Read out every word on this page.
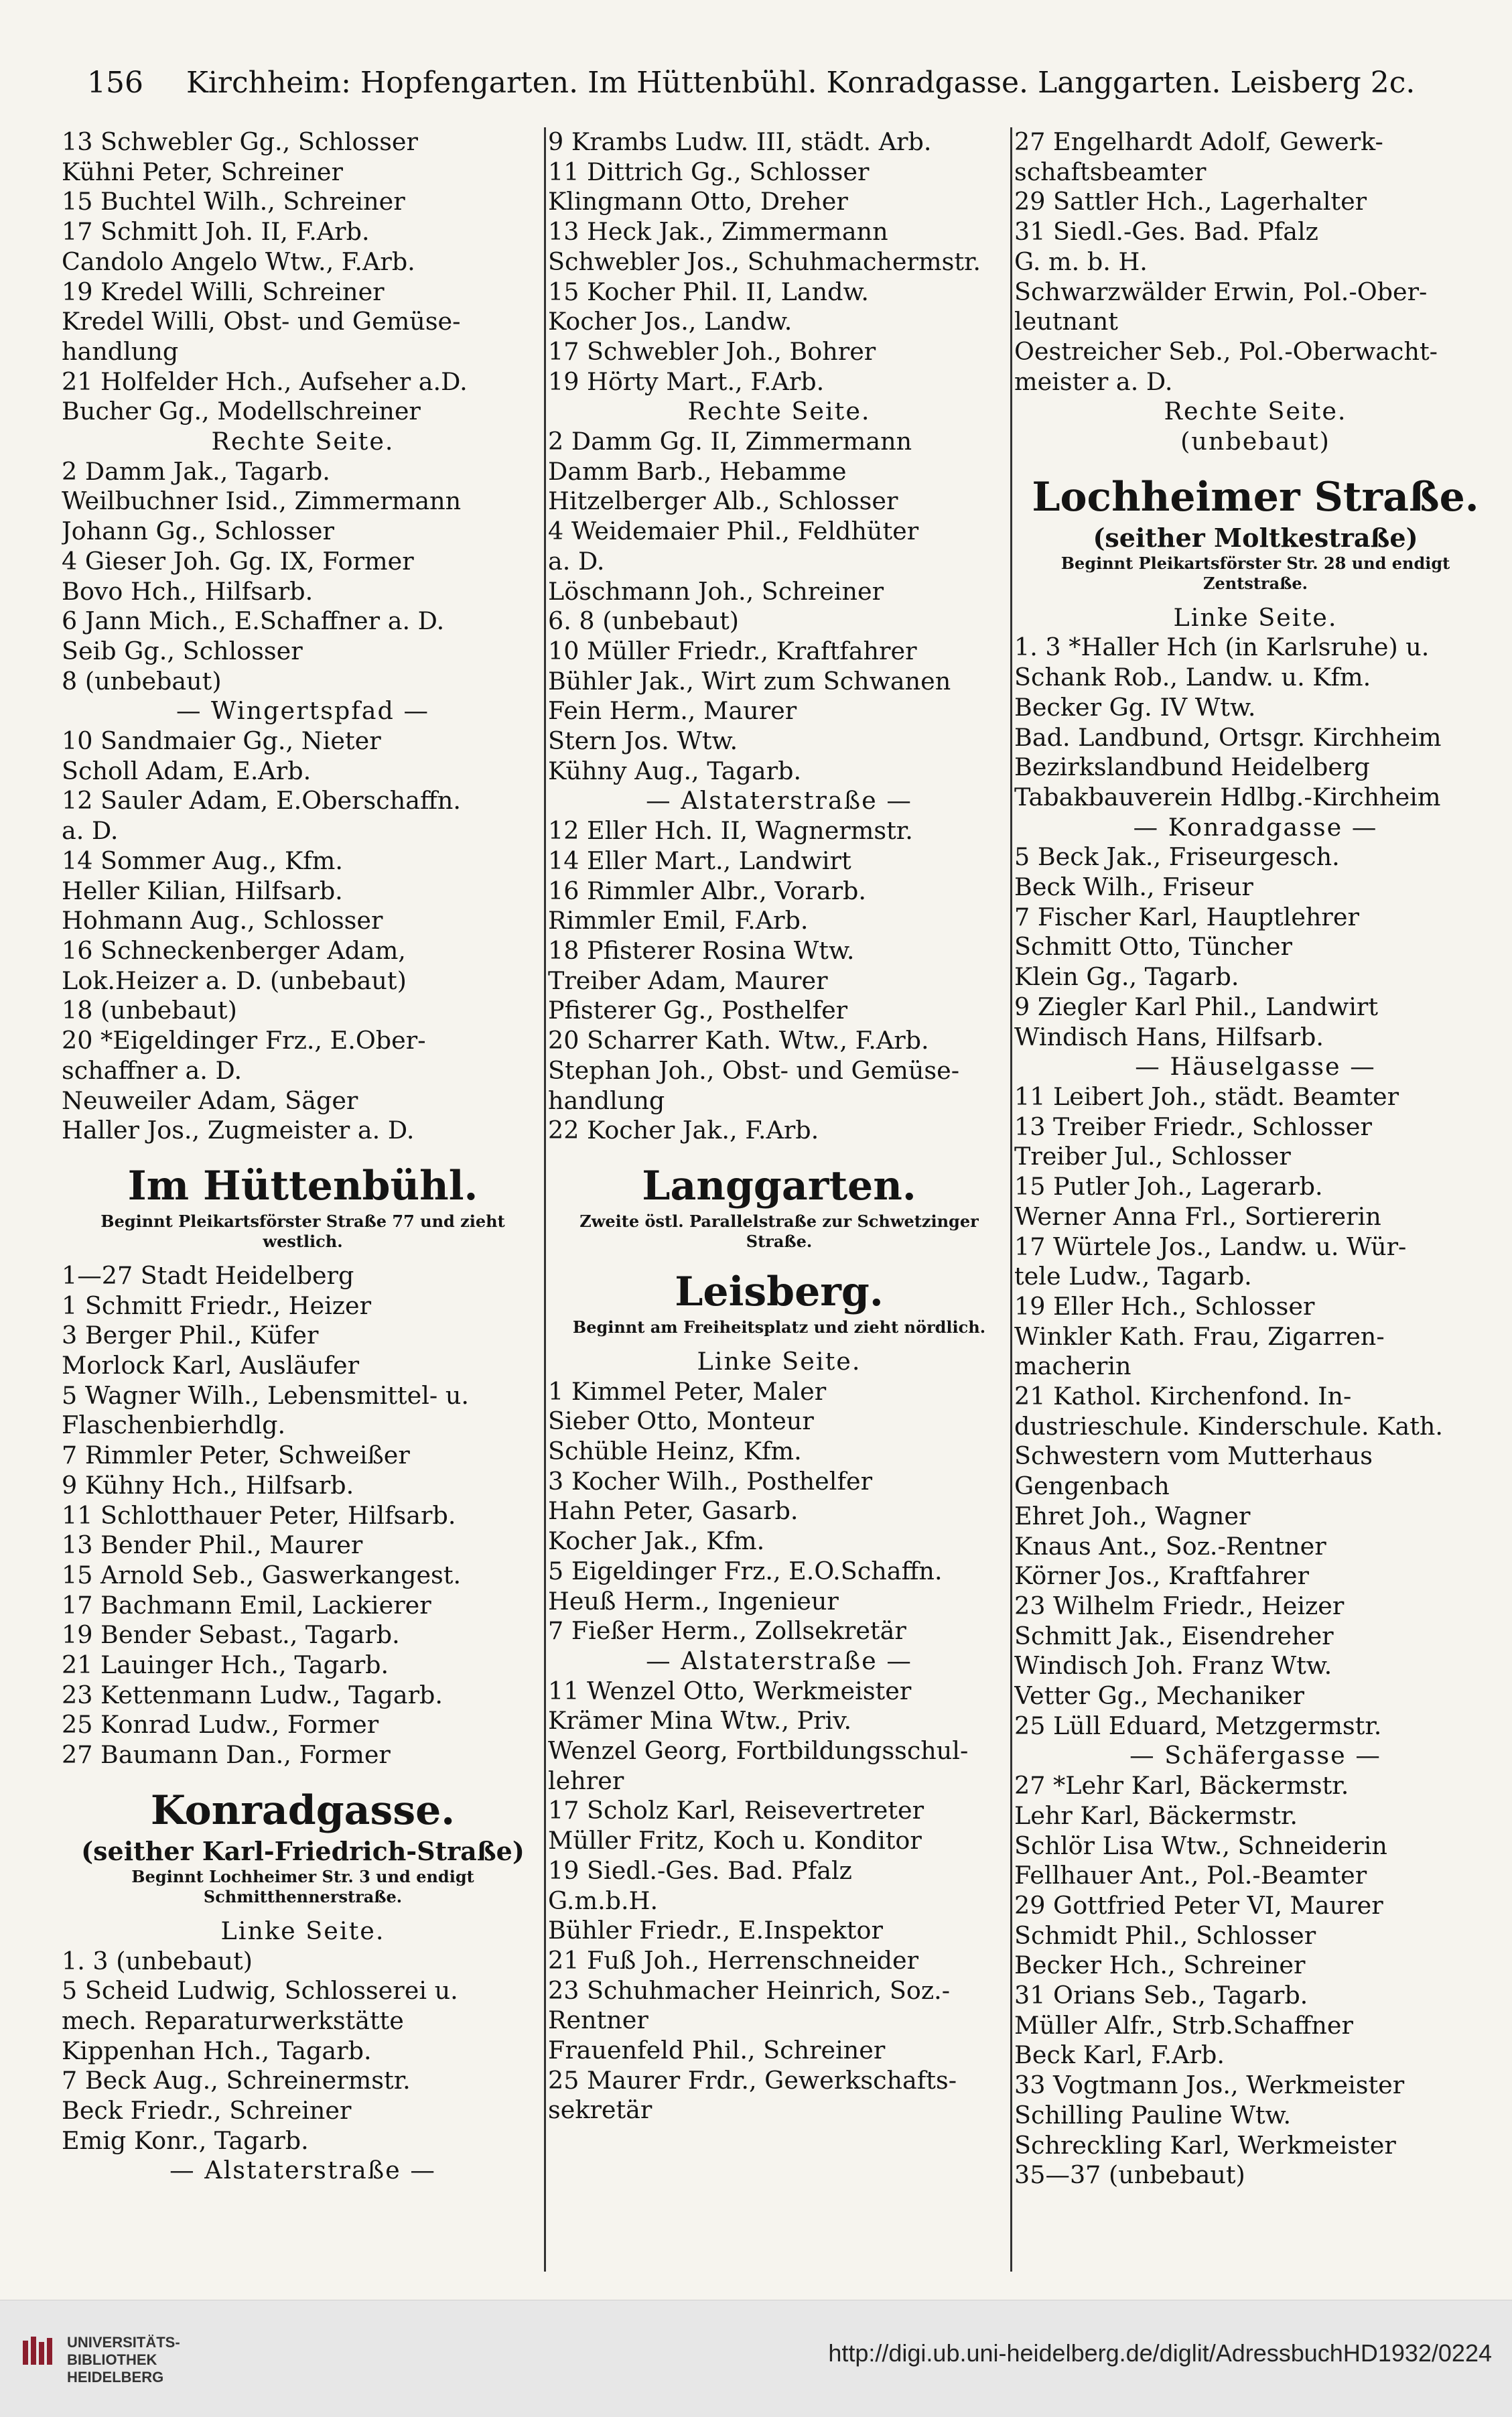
156 Kirchheim: Hopfengarten. Im Hüttenbühl. Konradgasse. Langgarten. Leisberg 2c.
13 Schwebler Gg., Schlosser
Kühni Peter, Schreiner
15 Buchtel Wilh., Schreiner
17 Schmitt Joh. II, F.Arb.
Candolo Angelo Wtw., F.Arb.
19 Kredel Willi, Schreiner
Kredel Willi, Obst- und Gemüse-
handlung
21 Holfelder Hch., Aufseher a.D.
Bucher Gg., Modellschreiner
Rechte Seite.
2 Damm Jak., Tagarb.
Weilbuchner Isid., Zimmermann
Johann Gg., Schlosser
4 Gieser Joh. Gg. IX, Former
Bovo Hch., Hilfsarb.
6 Jann Mich., E.Schaffner a. D.
Seib Gg., Schlosser
8 (unbebaut)
— Wingertspfad —
10 Sandmaier Gg., Nieter
Scholl Adam, E.Arb.
12 Sauler Adam, E.Oberschaffn.
a. D.
14 Sommer Aug., Kfm.
Heller Kilian, Hilfsarb.
Hohmann Aug., Schlosser
16 Schneckenberger Adam,
Lok.Heizer a. D. (unbebaut)
18 (unbebaut)
20 *Eigeldinger Frz., E.Ober-
schaffner a. D.
Neuweiler Adam, Säger
Haller Jos., Zugmeister a. D.
Im Hüttenbühl.
Beginnt Pleikartsförster Straße 77 und zieht westlich.
1—27 Stadt Heidelberg
1 Schmitt Friedr., Heizer
3 Berger Phil., Küfer
Morlock Karl, Ausläufer
5 Wagner Wilh., Lebensmittel- u.
Flaschenbierhdlg.
7 Rimmler Peter, Schweißer
9 Kühny Hch., Hilfsarb.
11 Schlotthauer Peter, Hilfsarb.
13 Bender Phil., Maurer
15 Arnold Seb., Gaswerkangest.
17 Bachmann Emil, Lackierer
19 Bender Sebast., Tagarb.
21 Lauinger Hch., Tagarb.
23 Kettenmann Ludw., Tagarb.
25 Konrad Ludw., Former
27 Baumann Dan., Former
Konradgasse.
(seither Karl-Friedrich-Straße)
Beginnt Lochheimer Str. 3 und endigt Schmitthennerstraße.
Linke Seite.
1. 3 (unbebaut)
5 Scheid Ludwig, Schlosserei u.
mech. Reparaturwerkstätte
Kippenhan Hch., Tagarb.
7 Beck Aug., Schreinermstr.
Beck Friedr., Schreiner
Emig Konr., Tagarb.
— Alstaterstraße —
9 Krambs Ludw. III, städt. Arb.
11 Dittrich Gg., Schlosser
Klingmann Otto, Dreher
13 Heck Jak., Zimmermann
Schwebler Jos., Schuhmachermstr.
15 Kocher Phil. II, Landw.
Kocher Jos., Landw.
17 Schwebler Joh., Bohrer
19 Hörty Mart., F.Arb.
Rechte Seite.
2 Damm Gg. II, Zimmermann
Damm Barb., Hebamme
Hitzelberger Alb., Schlosser
4 Weidemaier Phil., Feldhüter
a. D.
Löschmann Joh., Schreiner
6. 8 (unbebaut)
10 Müller Friedr., Kraftfahrer
Bühler Jak., Wirt zum Schwanen
Fein Herm., Maurer
Stern Jos. Wtw.
Kühny Aug., Tagarb.
— Alstaterstraße —
12 Eller Hch. II, Wagnermstr.
14 Eller Mart., Landwirt
16 Rimmler Albr., Vorarb.
Rimmler Emil, F.Arb.
18 Pfisterer Rosina Wtw.
Treiber Adam, Maurer
Pfisterer Gg., Posthelfer
20 Scharrer Kath. Wtw., F.Arb.
Stephan Joh., Obst- und Gemüse-
handlung
22 Kocher Jak., F.Arb.
Langgarten.
Zweite östl. Parallelstraße zur Schwetzinger Straße.
Leisberg.
Beginnt am Freiheitsplatz und zieht nördlich.
Linke Seite.
1 Kimmel Peter, Maler
Sieber Otto, Monteur
Schüble Heinz, Kfm.
3 Kocher Wilh., Posthelfer
Hahn Peter, Gasarb.
Kocher Jak., Kfm.
5 Eigeldinger Frz., E.O.Schaffn.
Heuß Herm., Ingenieur
7 Fießer Herm., Zollsekretär
— Alstaterstraße —
11 Wenzel Otto, Werkmeister
Krämer Mina Wtw., Priv.
Wenzel Georg, Fortbildungsschul-
lehrer
17 Scholz Karl, Reisevertreter
Müller Fritz, Koch u. Konditor
19 Siedl.-Ges. Bad. Pfalz
G.m.b.H.
Bühler Friedr., E.Inspektor
21 Fuß Joh., Herrenschneider
23 Schuhmacher Heinrich, Soz.-
Rentner
Frauenfeld Phil., Schreiner
25 Maurer Frdr., Gewerkschafts-
sekretär
27 Engelhardt Adolf, Gewerk-
schaftsbeamter
29 Sattler Hch., Lagerhalter
31 Siedl.-Ges. Bad. Pfalz
G. m. b. H.
Schwarzwälder Erwin, Pol.-Ober-
leutnant
Oestreicher Seb., Pol.-Oberwacht-
meister a. D.
Rechte Seite.
(unbebaut)
Lochheimer Straße.
(seither Moltkestraße)
Beginnt Pleikartsförster Str. 28 und endigt Zentstraße.
Linke Seite.
1. 3 *Haller Hch (in Karlsruhe) u.
Schank Rob., Landw. u. Kfm.
Becker Gg. IV Wtw.
Bad. Landbund, Ortsgr. Kirchheim
Bezirkslandbund Heidelberg
Tabakbauverein Hdlbg.-Kirchheim
— Konradgasse —
5 Beck Jak., Friseurgesch.
Beck Wilh., Friseur
7 Fischer Karl, Hauptlehrer
Schmitt Otto, Tüncher
Klein Gg., Tagarb.
9 Ziegler Karl Phil., Landwirt
Windisch Hans, Hilfsarb.
— Häuselgasse —
11 Leibert Joh., städt. Beamter
13 Treiber Friedr., Schlosser
Treiber Jul., Schlosser
15 Putler Joh., Lagerarb.
Werner Anna Frl., Sortiererin
17 Würtele Jos., Landw. u. Wür-
tele Ludw., Tagarb.
19 Eller Hch., Schlosser
Winkler Kath. Frau, Zigarren-
macherin
21 Kathol. Kirchenfond. In-
dustrieschule. Kinderschule. Kath.
Schwestern vom Mutterhaus
Gengenbach
Ehret Joh., Wagner
Knaus Ant., Soz.-Rentner
Körner Jos., Kraftfahrer
23 Wilhelm Friedr., Heizer
Schmitt Jak., Eisendreher
Windisch Joh. Franz Wtw.
Vetter Gg., Mechaniker
25 Lüll Eduard, Metzgermstr.
— Schäfergasse —
27 *Lehr Karl, Bäckermstr.
Lehr Karl, Bäckermstr.
Schlör Lisa Wtw., Schneiderin
Fellhauer Ant., Pol.-Beamter
29 Gottfried Peter VI, Maurer
Schmidt Phil., Schlosser
Becker Hch., Schreiner
31 Orians Seb., Tagarb.
Müller Alfr., Strb.Schaffner
Beck Karl, F.Arb.
33 Vogtmann Jos., Werkmeister
Schilling Pauline Wtw.
Schreckling Karl, Werkmeister
35—37 (unbebaut)
UNIVERSITÄTS-
BIBLIOTHEK
HEIDELBERG
http://digi.ub.uni-heidelberg.de/diglit/AdressbuchHD1932/0224
